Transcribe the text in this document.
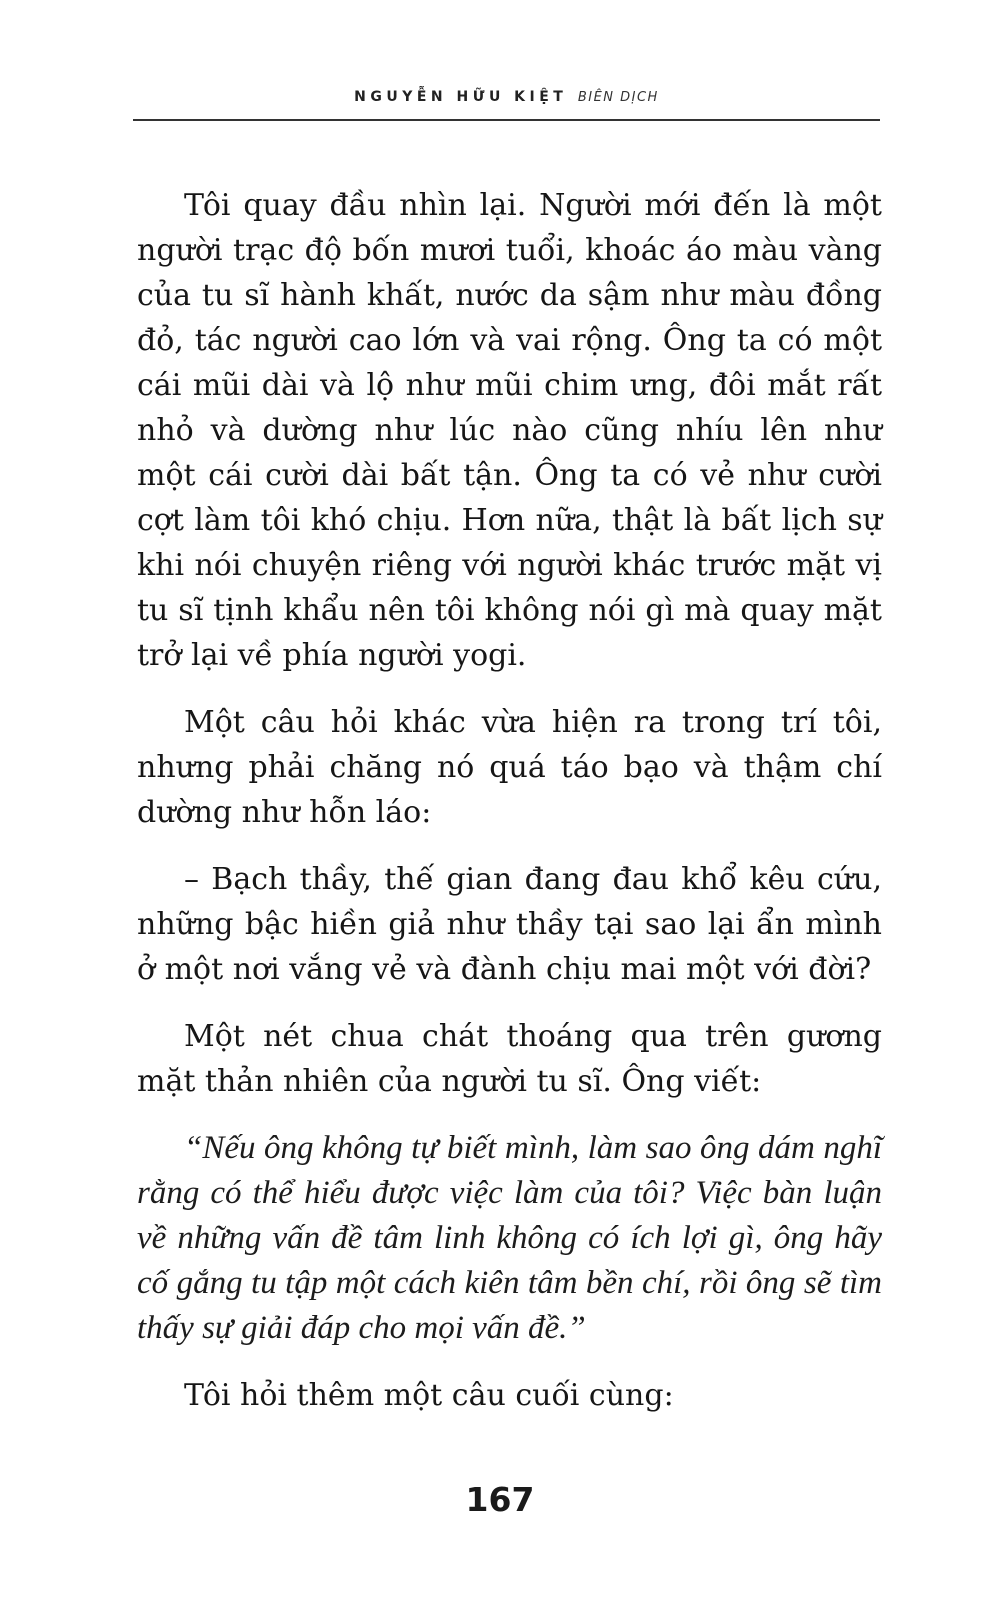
NGUYỄN HỮU KIỆT BIÊN DỊCH

Tôi quay đầu nhìn lại. Người mới đến là một người trạc độ bốn mươi tuổi, khoác áo màu vàng của tu sĩ hành khất, nước da sậm như màu đồng đỏ, tác người cao lớn và vai rộng. Ông ta có một cái mũi dài và lộ như mũi chim ưng, đôi mắt rất nhỏ và dường như lúc nào cũng nhíu lên như một cái cười dài bất tận. Ông ta có vẻ như cười cợt làm tôi khó chịu. Hơn nữa, thật là bất lịch sự khi nói chuyện riêng với người khác trước mặt vị tu sĩ tịnh khẩu nên tôi không nói gì mà quay mặt trở lại về phía người yogi.

Một câu hỏi khác vừa hiện ra trong trí tôi, nhưng phải chăng nó quá táo bạo và thậm chí dường như hỗn láo:

– Bạch thầy, thế gian đang đau khổ kêu cứu, những bậc hiền giả như thầy tại sao lại ẩn mình ở một nơi vắng vẻ và đành chịu mai một với đời?

Một nét chua chát thoáng qua trên gương mặt thản nhiên của người tu sĩ. Ông viết:

“Nếu ông không tự biết mình, làm sao ông dám nghĩ rằng có thể hiểu được việc làm của tôi? Việc bàn luận về những vấn đề tâm linh không có ích lợi gì, ông hãy cố gắng tu tập một cách kiên tâm bền chí, rồi ông sẽ tìm thấy sự giải đáp cho mọi vấn đề.”

Tôi hỏi thêm một câu cuối cùng:

167
